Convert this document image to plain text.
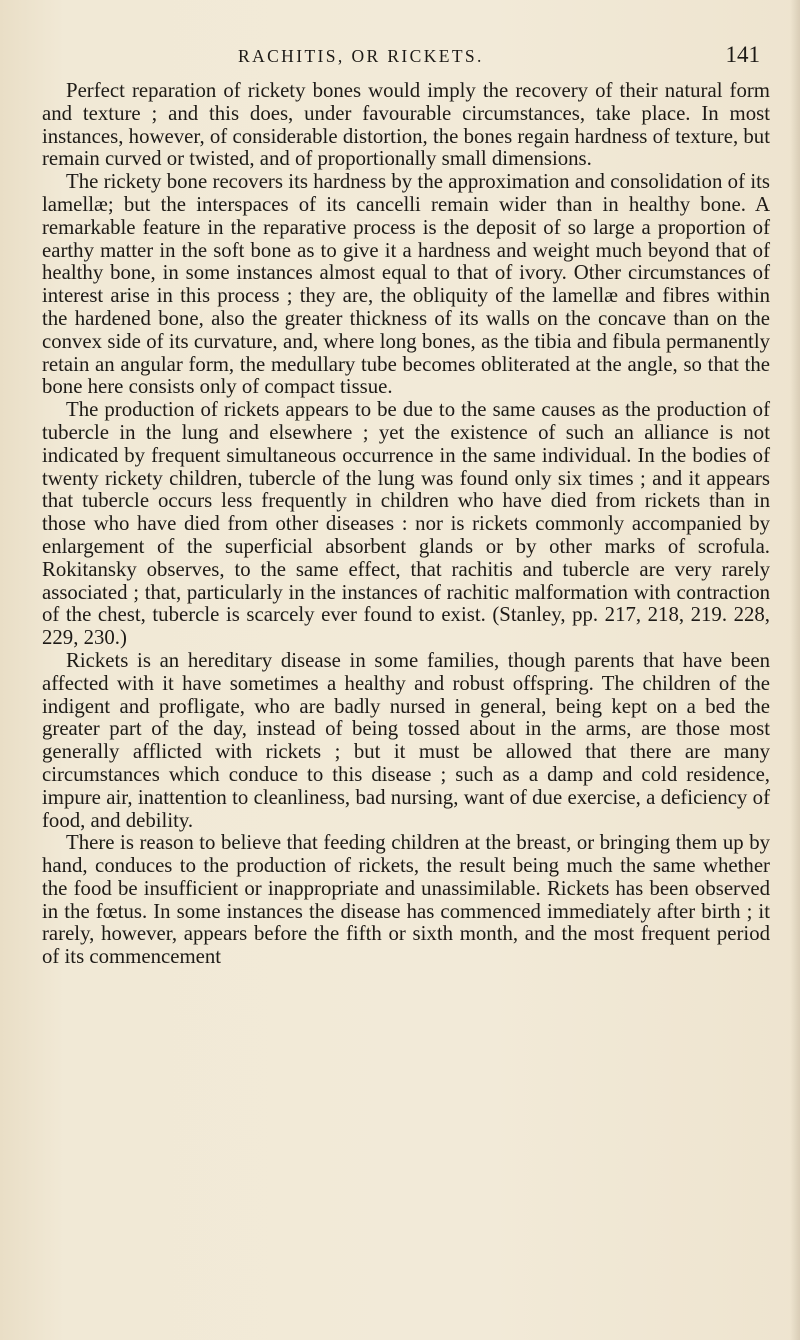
RACHITIS, OR RICKETS.	141

Perfect reparation of rickety bones would imply the recovery of their natural form and texture ; and this does, under favourable circumstances, take place. In most instances, however, of considerable distortion, the bones regain hardness of texture, but remain curved or twisted, and of proportionally small dimensions.

The rickety bone recovers its hardness by the approximation and consolidation of its lamellæ; but the interspaces of its cancelli remain wider than in healthy bone. A remarkable feature in the reparative process is the deposit of so large a proportion of earthy matter in the soft bone as to give it a hardness and weight much beyond that of healthy bone, in some instances almost equal to that of ivory. Other circumstances of interest arise in this process ; they are, the obliquity of the lamellæ and fibres within the hardened bone, also the greater thickness of its walls on the concave than on the convex side of its curvature, and, where long bones, as the tibia and fibula permanently retain an angular form, the medullary tube becomes obliterated at the angle, so that the bone here consists only of compact tissue.

The production of rickets appears to be due to the same causes as the production of tubercle in the lung and elsewhere ; yet the existence of such an alliance is not indicated by frequent simultaneous occurrence in the same individual. In the bodies of twenty rickety children, tubercle of the lung was found only six times ; and it appears that tubercle occurs less frequently in children who have died from rickets than in those who have died from other diseases : nor is rickets commonly accompanied by enlargement of the superficial absorbent glands or by other marks of scrofula. Rokitansky observes, to the same effect, that rachitis and tubercle are very rarely associated ; that, particularly in the instances of rachitic malformation with contraction of the chest, tubercle is scarcely ever found to exist. (Stanley, pp. 217, 218, 219. 228, 229, 230.)

Rickets is an hereditary disease in some families, though parents that have been affected with it have sometimes a healthy and robust offspring. The children of the indigent and profligate, who are badly nursed in general, being kept on a bed the greater part of the day, instead of being tossed about in the arms, are those most generally afflicted with rickets ; but it must be allowed that there are many circumstances which conduce to this disease ; such as a damp and cold residence, impure air, inattention to cleanliness, bad nursing, want of due exercise, a deficiency of food, and debility.

There is reason to believe that feeding children at the breast, or bringing them up by hand, conduces to the production of rickets, the result being much the same whether the food be insufficient or inappropriate and unassimilable. Rickets has been observed in the fœtus. In some instances the disease has commenced immediately after birth ; it rarely, however, appears before the fifth or sixth month, and the most frequent period of its commencement
